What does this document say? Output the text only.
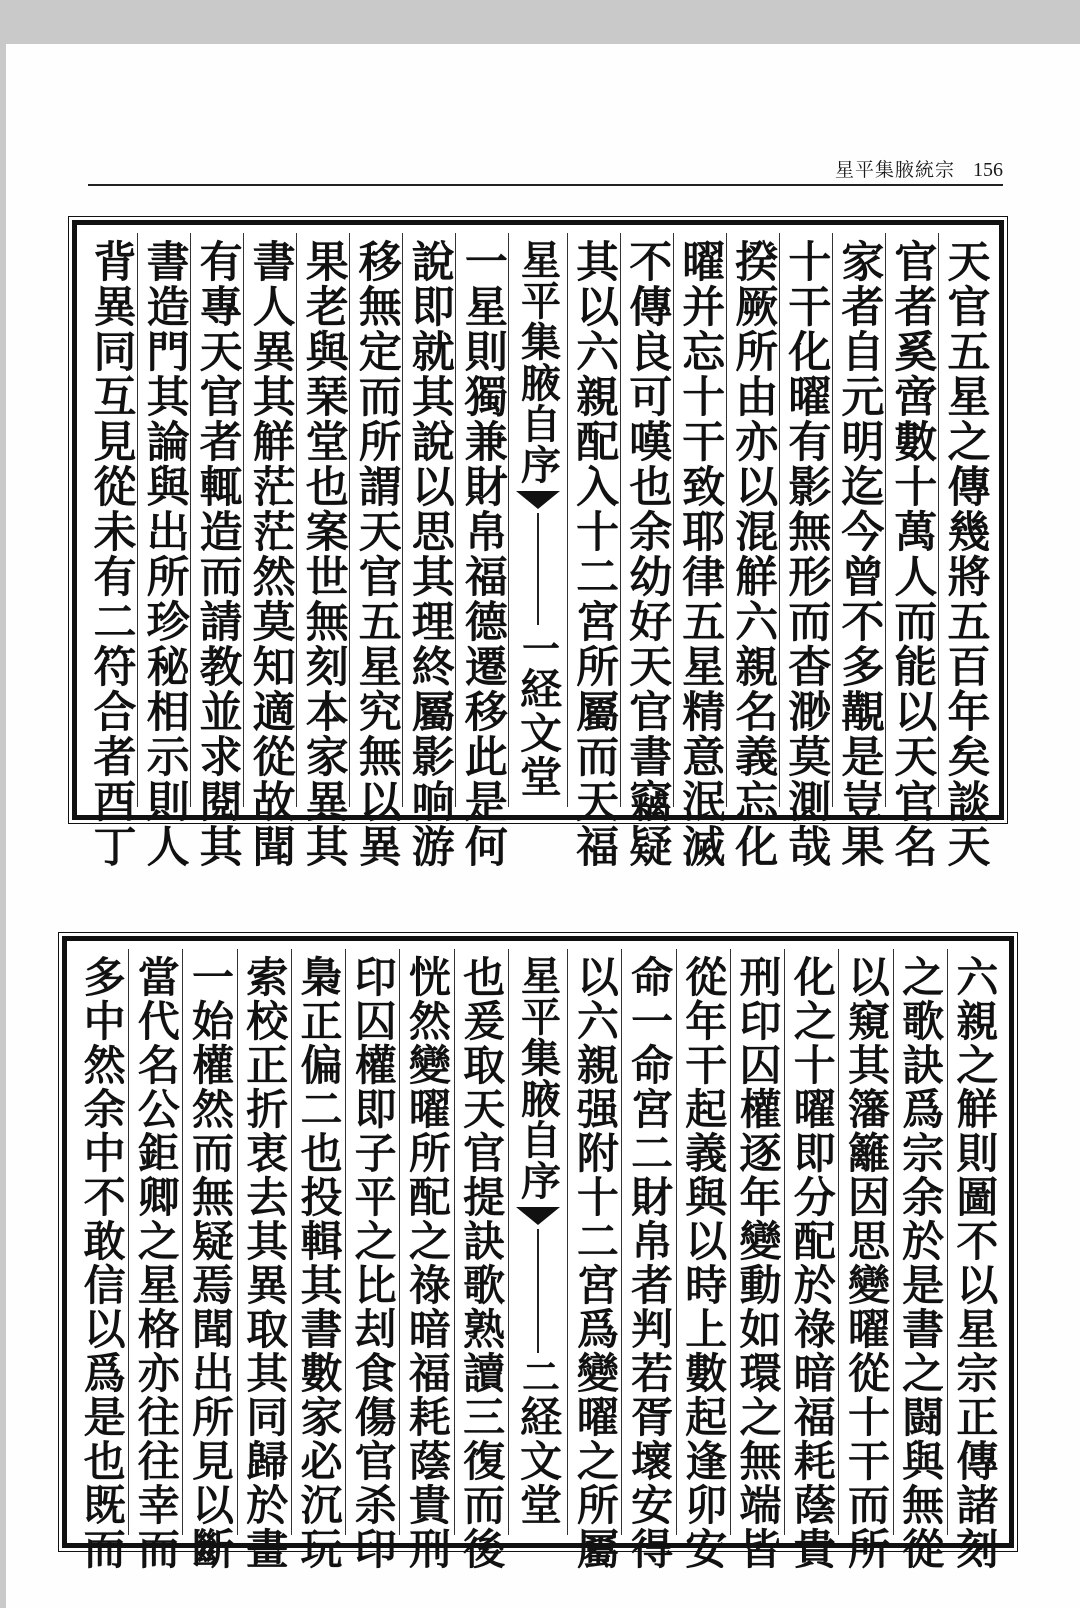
星平集腋統宗 156
天官五星之傳幾將五百年矣談天
官者奚啻數十萬人而能以天官名
家者自元明迄今曾不多覯是豈果
十干化曜有影無形而杳渺莫測哉
揆厥所由亦以混觧六親名義忘化
曜并忘十干致耶律五星精意泯滅
不傳良可嘆也余幼好天官書竊疑
其以六親配入十二宮所屬而天福
星平集腋自序
一
経文堂
一星則獨兼財帛福德遷移此是何
說即就其說以思其理終屬影响游
移無定而所謂天官五星究無以異
果老與琹堂也案世無刻本家異其
書人異其觧茫茫然莫知適從故聞
有專天官者輒造而請教並求閱其
書造門其論與出所珍秘相示則人
背異同互見從未有二符合者酉丁
六親之觧則圖不以星宗正傳諸刻
之歌訣爲宗余於是書之闘與無從
以窺其籓籬因思變曜從十干而所
化之十曜即分配於祿暗福耗蔭貴
刑印囚權逐年變動如環之無端皆
從年干起義與以時上數起逢卯安
命一命宮二財帛者判若胥壞安得
以六親强附十二宮爲變曜之所屬
星平集腋自序
二
経文堂
也爰取天官提訣歌熟讀三復而後
恍然變曜所配之祿暗福耗蔭貴刑
印囚權即子平之比刦食傷官杀印
梟正偏二也投輯其書數家必沉玩
索校正折衷去其異取其同歸於畫
一始權然而無疑焉聞出所見以斷
當代名公鉅卿之星格亦往往幸而
多中然余中不敢信以爲是也既而
